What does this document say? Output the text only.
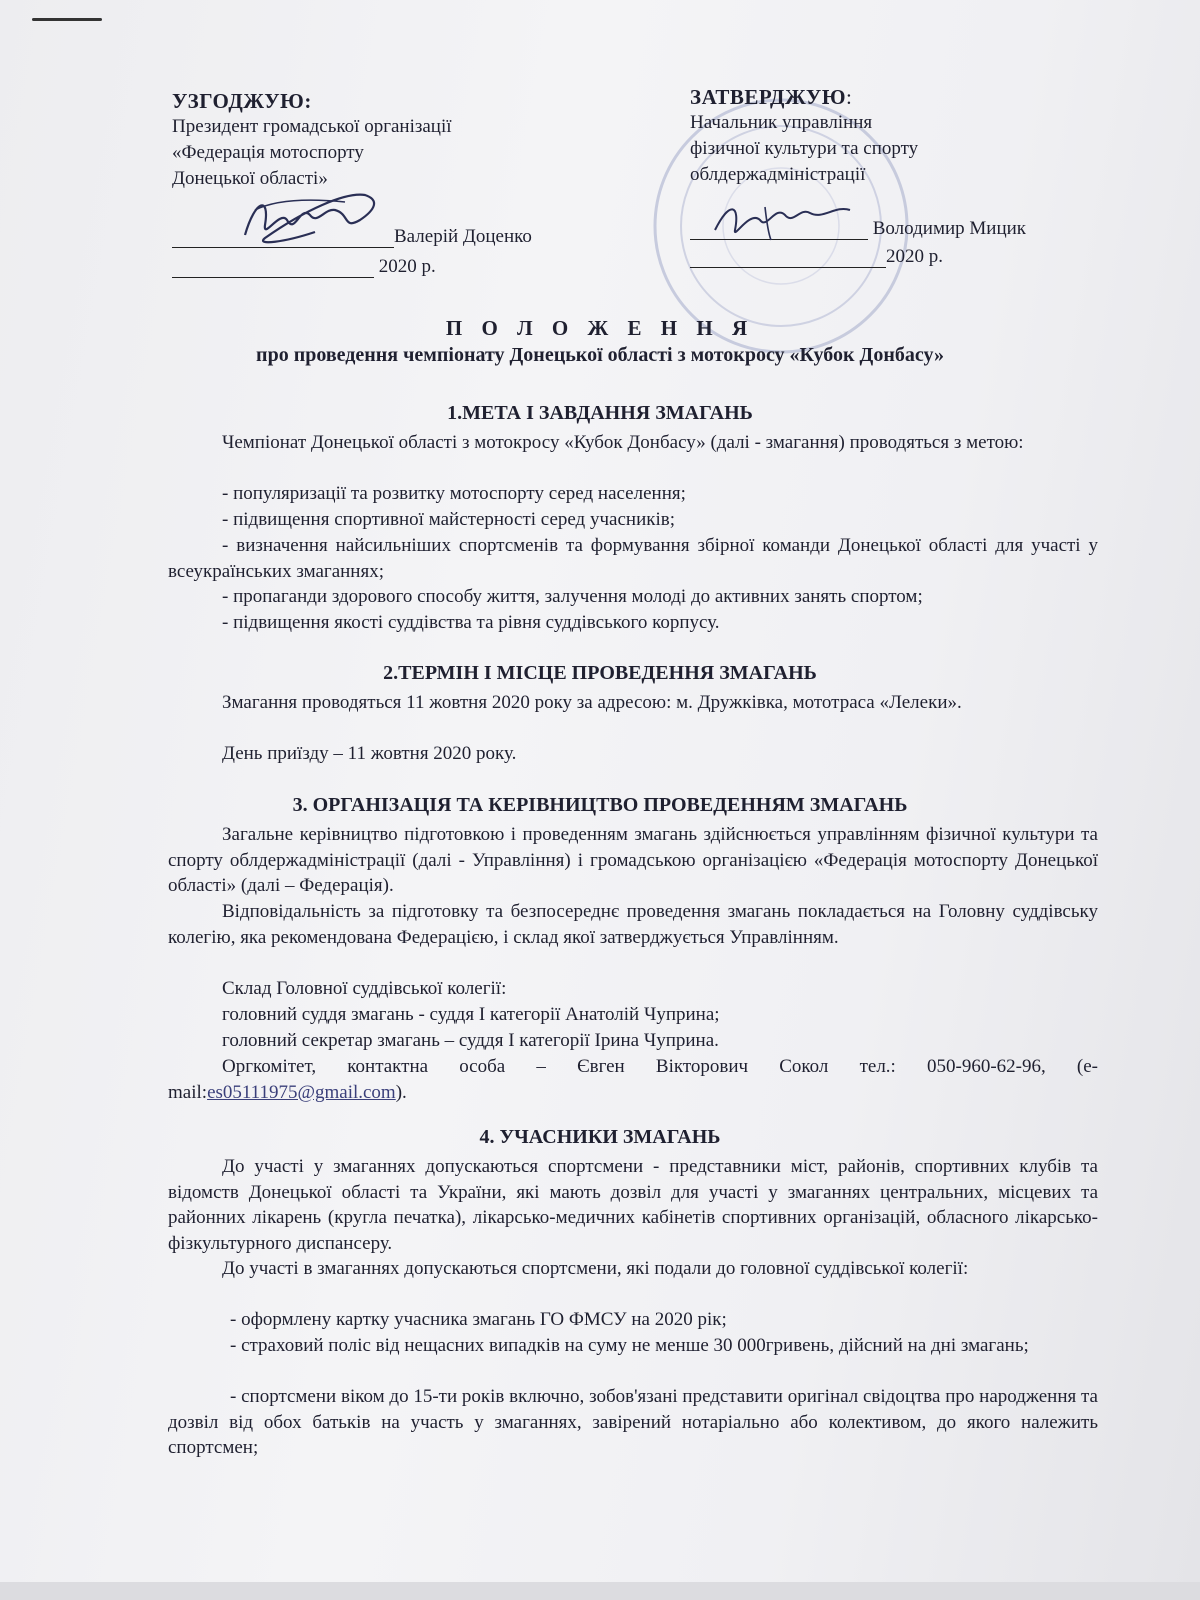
УЗГОДЖУЮ:
Президент громадської організації
«Федерація мотоспорту
Донецької області»
Валерій Доценко
2020 р.
ЗАТВЕРДЖУЮ:
Начальник управління
фізичної культури та спорту
облдержадміністрації
Володимир Мицик
2020 р.
П О Л О Ж Е Н Н Я
про проведення чемпіонату Донецької області з мотокросу «Кубок Донбасу»
1.МЕТА І ЗАВДАННЯ ЗМАГАНЬ
Чемпіонат Донецької області з мотокросу «Кубок Донбасу» (далі - змагання) проводяться з метою:
- популяризації та розвитку мотоспорту серед населення;
- підвищення спортивної майстерності серед учасників;
- визначення найсильніших спортсменів та формування збірної команди Донецької області для участі у всеукраїнських змаганнях;
- пропаганди здорового способу життя, залучення молоді до активних занять спортом;
- підвищення якості суддівства та рівня суддівського корпусу.
2.ТЕРМІН І МІСЦЕ ПРОВЕДЕННЯ ЗМАГАНЬ
Змагання проводяться 11 жовтня 2020 року за адресою: м. Дружківка, мототраса «Лелеки».
День приїзду – 11 жовтня 2020 року.
3. ОРГАНІЗАЦІЯ ТА КЕРІВНИЦТВО ПРОВЕДЕННЯМ ЗМАГАНЬ
Загальне керівництво підготовкою і проведенням змагань здійснюється управлінням фізичної культури та спорту облдержадміністрації (далі - Управління) і громадською організацією «Федерація мотоспорту Донецької області» (далі – Федерація).
Відповідальність за підготовку та безпосереднє проведення змагань покладається на Головну суддівську колегію, яка рекомендована Федерацією, і склад якої затверджується Управлінням.
Склад Головної суддівської колегії:
головний суддя змагань - суддя І категорії Анатолій Чуприна;
головний секретар змагань – суддя І категорії Ірина Чуприна.
Оргкомітет, контактна особа – Євген Вікторович Сокол тел.: 050-960-62-96, (e-mail:es05111975@gmail.com).
4. УЧАСНИКИ ЗМАГАНЬ
До участі у змаганнях допускаються спортсмени - представники міст, районів, спортивних клубів та відомств Донецької області та України, які мають дозвіл для участі у змаганнях центральних, місцевих та районних лікарень (кругла печатка), лікарсько-медичних кабінетів спортивних організацій, обласного лікарсько-фізкультурного диспансеру.
До участі в змаганнях допускаються спортсмени, які подали до головної суддівської колегії:
- оформлену картку учасника змагань ГО ФМСУ на 2020 рік;
- страховий поліс від нещасних випадків на суму не менше 30 000гривень, дійсний на дні змагань;
- спортсмени віком до 15-ти років включно, зобов'язані представити оригінал свідоцтва про народження та дозвіл від обох батьків на участь у змаганнях, завірений нотаріально або колективом, до якого належить спортсмен;
